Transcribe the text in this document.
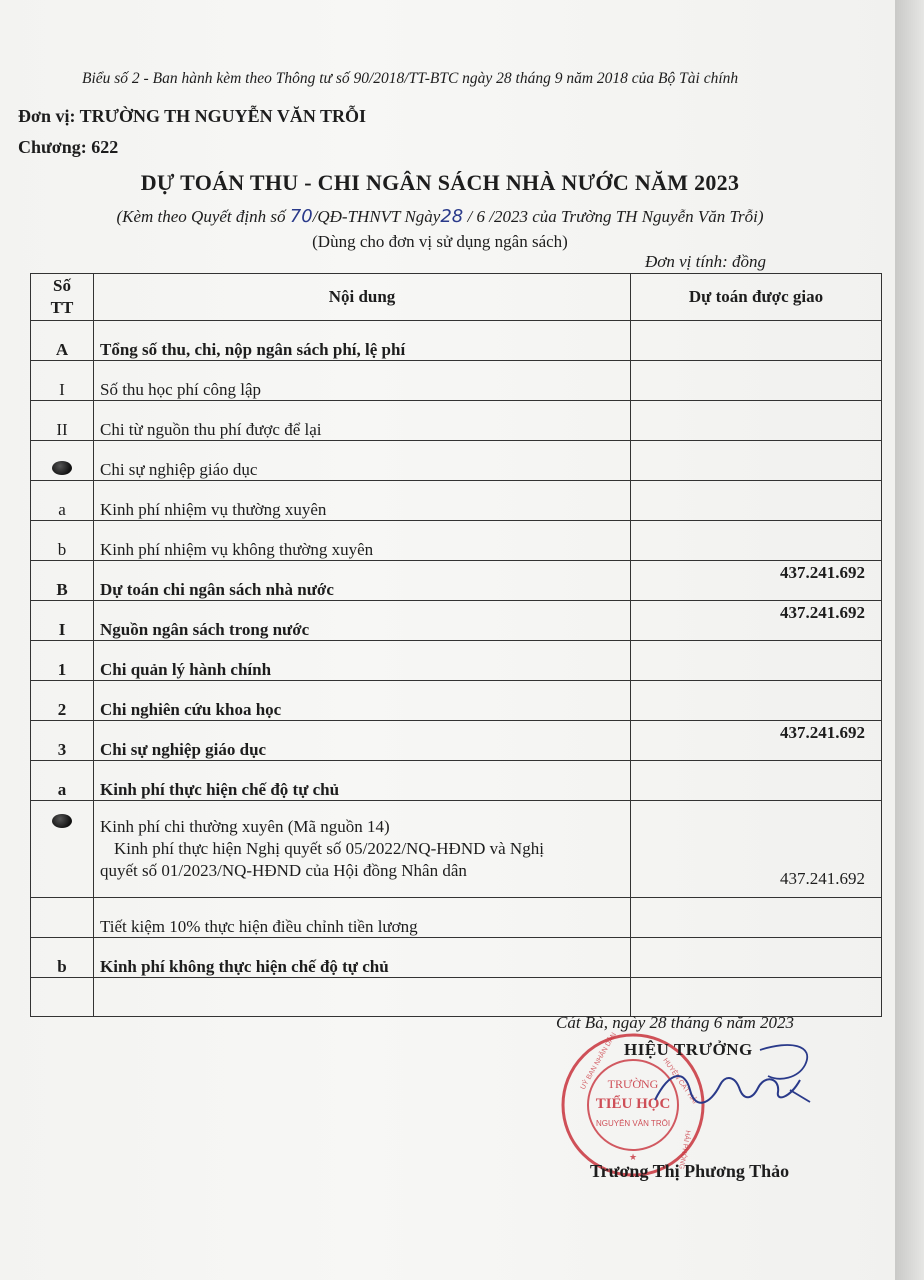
Biểu số 2 - Ban hành kèm theo Thông tư số 90/2018/TT-BTC ngày 28 tháng 9 năm 2018 của Bộ Tài chính
Đơn vị: TRƯỜNG TH NGUYỄN VĂN TRỖI
Chương: 622
DỰ TOÁN THU - CHI NGÂN SÁCH NHÀ NƯỚC NĂM 2023
(Kèm theo Quyết định số 70/QĐ-THNVT Ngày28 / 6 /2023 của Trường TH Nguyễn Văn Trỗi)
(Dùng cho đơn vị sử dụng ngân sách)
Đơn vị tính: đồng
Số
TT	Nội dung	Dự toán được giao
A	Tổng số thu, chi, nộp ngân sách phí, lệ phí	
I	Số thu học phí công lập	
II	Chi từ nguồn thu phí được để lại	
	Chi sự nghiệp giáo dục	
a	Kinh phí nhiệm vụ thường xuyên	
b	Kinh phí nhiệm vụ không thường xuyên	
B	Dự toán chi ngân sách nhà nước	437.241.692
I	Nguồn ngân sách trong nước	437.241.692
1	Chi quản lý hành chính	
2	Chi nghiên cứu khoa học	
3	Chi sự nghiệp giáo dục	437.241.692
a	Kinh phí thực hiện chế độ tự chủ	
	Kinh phí chi thường xuyên (Mã nguồn 14)
Kinh phí thực hiện Nghị quyết số 05/2022/NQ-HĐND và Nghị
quyết số 01/2023/NQ-HĐND của Hội đồng Nhân dân	437.241.692
	Tiết kiệm 10% thực hiện điều chỉnh tiền lương	
b	Kinh phí không thực hiện chế độ tự chủ	

Cát Bà, ngày 28 tháng 6 năm 2023
TRƯỜNG
TIỂU HỌC
NGUYỄN VĂN TRỖI
★
UỶ BAN NHÂN DÂN	HUYỆN CÁT HẢI
HẢI PHÒNG
HIỆU TRƯỞNG
Trương Thị Phương Thảo
